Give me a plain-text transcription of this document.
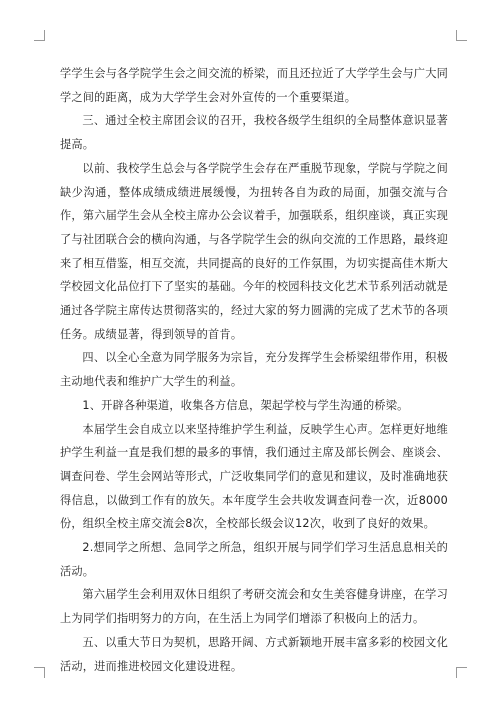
学学生会与各学院学生会之间交流的桥梁，而且还拉近了大学学生会与广大同学之间的距离，成为大学学生会对外宣传的一个重要渠道。

三、通过全校主席团会议的召开，我校各级学生组织的全局整体意识显著提高。

以前、我校学生总会与各学院学生会存在严重脱节现象，学院与学院之间缺少沟通，整体成绩成绩进展缓慢，为扭转各自为政的局面，加强交流与合作，第六届学生会从全校主席办公会议着手，加强联系，组织座谈，真正实现了与社团联合会的横向沟通，与各学院学生会的纵向交流的工作思路，最终迎来了相互借鉴，相互交流，共同提高的良好的工作氛围，为切实提高佳木斯大学校园文化品位打下了坚实的基础。今年的校园科技文化艺术节系列活动就是通过各学院主席传达贯彻落实的，经过大家的努力圆满的完成了艺术节的各项任务。成绩显著，得到领导的首肯。

四、以全心全意为同学服务为宗旨，充分发挥学生会桥梁纽带作用，积极主动地代表和维护广大学生的利益。

1、开辟各种渠道，收集各方信息，架起学校与学生沟通的桥梁。

本届学生会自成立以来坚持维护学生利益，反映学生心声。怎样更好地维护学生利益一直是我们想的最多的事情，我们通过主席及部长例会、座谈会、调查问卷、学生会网站等形式，广泛收集同学们的意见和建议，及时准确地获得信息，以做到工作有的放矢。本年度学生会共收发调查问卷一次，近8000份，组织全校主席交流会8次，全校部长级会议12次，收到了良好的效果。

2.想同学之所想、急同学之所急，组织开展与同学们学习生活息息相关的活动。

第六届学生会利用双休日组织了考研交流会和女生美容健身讲座，在学习上为同学们指明努力的方向，在生活上为同学们增添了积极向上的活力。

五、以重大节日为契机，思路开阔、方式新颖地开展丰富多彩的校园文化活动，进而推进校园文化建设进程。
